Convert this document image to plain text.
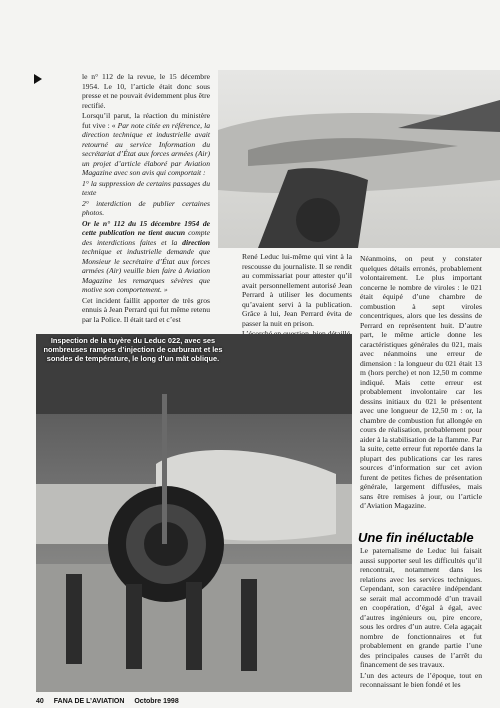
le n° 112 de la revue, le 15 décembre 1954. Le 10, l’article était donc sous presse et ne pouvait évidemment plus être rectifié.

Lorsqu’il parut, la réaction du ministère fut vive : « Par note citée en référence, la direction technique et industrielle avait retourné au service Information du secrétariat d’État aux forces armées (Air) un projet d’article élaboré par Aviation Magazine avec son avis qui comportait :

1° la suppression de certains passages du texte

2° interdiction de publier certaines photos.

Or le n° 112 du 15 décembre 1954 de cette publication ne tient aucun compte des interdictions faites et la direction technique et industrielle demande que Monsieur le secrétaire d’État aux forces armées (Air) veuille bien faire à Aviation Magazine les remarques sévères que motive son comportement. »

Cet incident faillit apporter de très gros ennuis à Jean Perrard qui fut même retenu par la Police. Il était tard et c’est

René Leduc lui-même qui vint à la rescousse du journaliste. Il se rendit au commissariat pour attester qu’il avait personnellement autorisé Jean Perrard à utiliser les documents qu’avaient servi à la publication. Grâce à lui, Jean Perrard évita de passer la nuit en prison.

Néanmoins, on peut y constater quelques détails erronés, probablement volontairement. Le plus important concerne le nombre de viroles : le 021 était équipé d’une chambre de combustion à sept viroles concentriques, alors que les dessins de Perrard en représentent huit. D’autre part, le même article donne les caractéristiques générales du 021, mais avec néanmoins une erreur de dimension : la longueur du 021 était 13 m (hors perche) et non 12,50 m comme indiqué. Mais cette erreur est probablement involontaire car les dessins initiaux du 021 le présentent avec une longueur de 12,50 m : or, la chambre de combustion fut allongée en cours de réalisation, probablement pour aider à la stabilisation de la flamme. Par la suite, cette erreur fut reportée dans la plupart des publications car les rares sources d’information sur cet avion furent de petites fiches de présentation générale, largement diffusées, mais sans être remises à jour, ou l’article d’Aviation Magazine.

Une fin inéluctable

Le paternalisme de Leduc lui faisait aussi supporter seul les difficultés qu’il rencontrait, notamment dans les relations avec les services techniques. Cependant, son caractère indépendant se serait mal accommodé d’un travail en coopération, d’égal à égal, avec d’autres ingénieurs ou, pire encore, sous les ordres d’un autre. Cela agaçait nombre de fonctionnaires et fut probablement en grande partie l’une des principales causes de l’arrêt du financement de ses travaux.

L’un des acteurs de l’époque, tout en reconnaissant le bien fondé et les

Inspection de la tuyère du Leduc 022, avec ses nombreuses rampes d’injection de carburant et les sondes de température, le long d’un mât oblique.
40 FANA DE L’AVIATION Octobre 1998
